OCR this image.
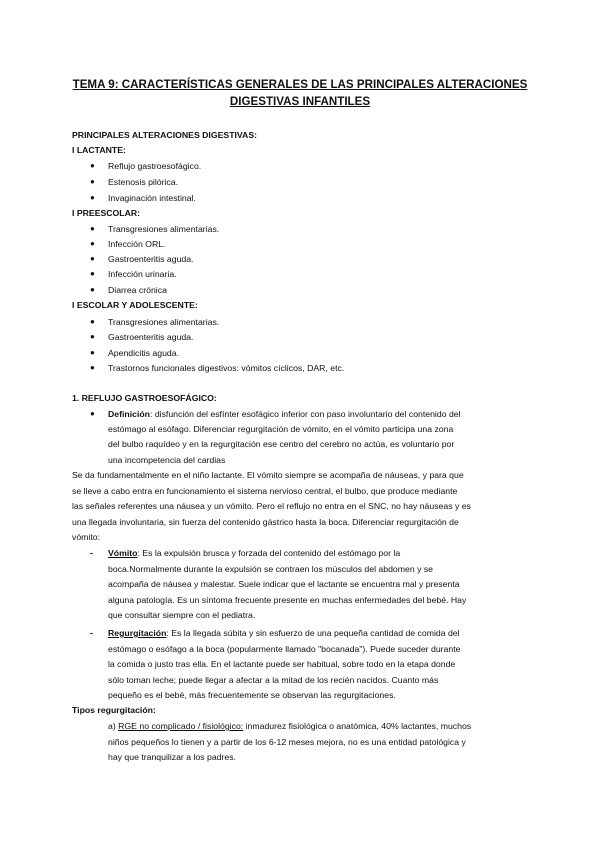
TEMA 9: CARACTERÍSTICAS GENERALES DE LAS PRINCIPALES ALTERACIONES
DIGESTIVAS INFANTILES
PRINCIPALES ALTERACIONES DIGESTIVAS:
I LACTANTE:
● Reflujo gastroesofágico.
● Estenosis pilórica.
● Invaginación intestinal.
I PREESCOLAR:
● Transgresiones alimentarias.
● Infección ORL.
● Gastroenteritis aguda.
● Infección urinaria.
● Diarrea crónica
I ESCOLAR Y ADOLESCENTE:
● Transgresiones alimentarias.
● Gastroenteritis aguda.
● Apendicitis aguda.
● Trastornos funcionales digestivos: vómitos cíclicos, DAR, etc.
1. REFLUJO GASTROESOFÁGICO:
● Definición: disfunción del esfínter esofágico inferior con paso involuntario del contenido del
estómago al esófago. Diferenciar regurgitación de vómito, en el vómito participa una zona
del bulbo raquídeo y en la regurgitación ese centro del cerebro no actúa, es voluntario por
una incompetencia del cardias
Se da fundamentalmente en el niño lactante. El vómito siempre se acompaña de náuseas, y para que
se lleve a cabo entra en funcionamiento el sistema nervioso central, el bulbo, que produce mediante
las señales referentes una náusea y un vómito. Pero el reflujo no entra en el SNC, no hay náuseas y es
una llegada involuntaria, sin fuerza del contenido gástrico hasta la boca. Diferenciar regurgitación de
vómito:
- Vómito: Es la expulsión brusca y forzada del contenido del estómago por la
boca.Normalmente durante la expulsión se contraen los músculos del abdomen y se
acompaña de náusea y malestar. Suele indicar que el lactante se encuentra mal y presenta
alguna patología. Es un síntoma frecuente presente en muchas enfermedades del bebé. Hay
que consultar siempre con el pediatra.
- Regurgitación: Es la llegada súbita y sin esfuerzo de una pequeña cantidad de comida del
estómago o esófago a la boca (popularmente llamado "bocanada"). Puede suceder durante
la comida o justo tras ella. En el lactante puede ser habitual, sobre todo en la etapa donde
sólo toman leche; puede llegar a afectar a la mitad de los recién nacidos. Cuanto más
pequeño es el bebé, más frecuentemente se observan las regurgitaciones.
Tipos regurgitación:
a) RGE no complicado / fisiológico: inmadurez fisiológica o anatómica, 40% lactantes, muchos
niños pequeños lo tienen y a partir de los 6-12 meses mejora, no es una entidad patológica y
hay que tranquilizar a los padres.
